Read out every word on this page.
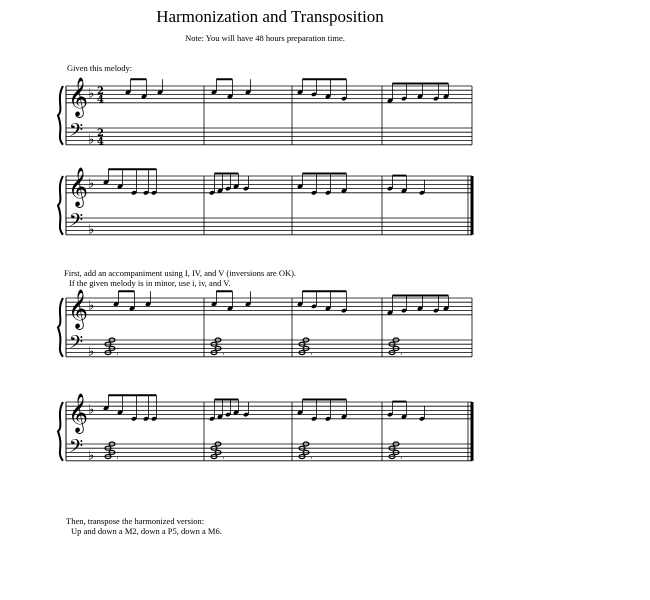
Harmonization and Transposition
Note: You will have 48 hours preparation time.
Given this melody:
First, add an accompaniment using I, IV, and V (inversions are OK).
If the given melody is in minor, use i, iv, and V.
Then, transpose the harmonized version:
Up and down a M2, down a P5, down a M6.
𝄞
𝄢
♭
♭
2
4
2
4
𝄞
𝄢
♭
♭
𝄞
𝄢
♭
♭ .	.	.	.
𝄞
𝄢
♭
♭ .	.	.	.
